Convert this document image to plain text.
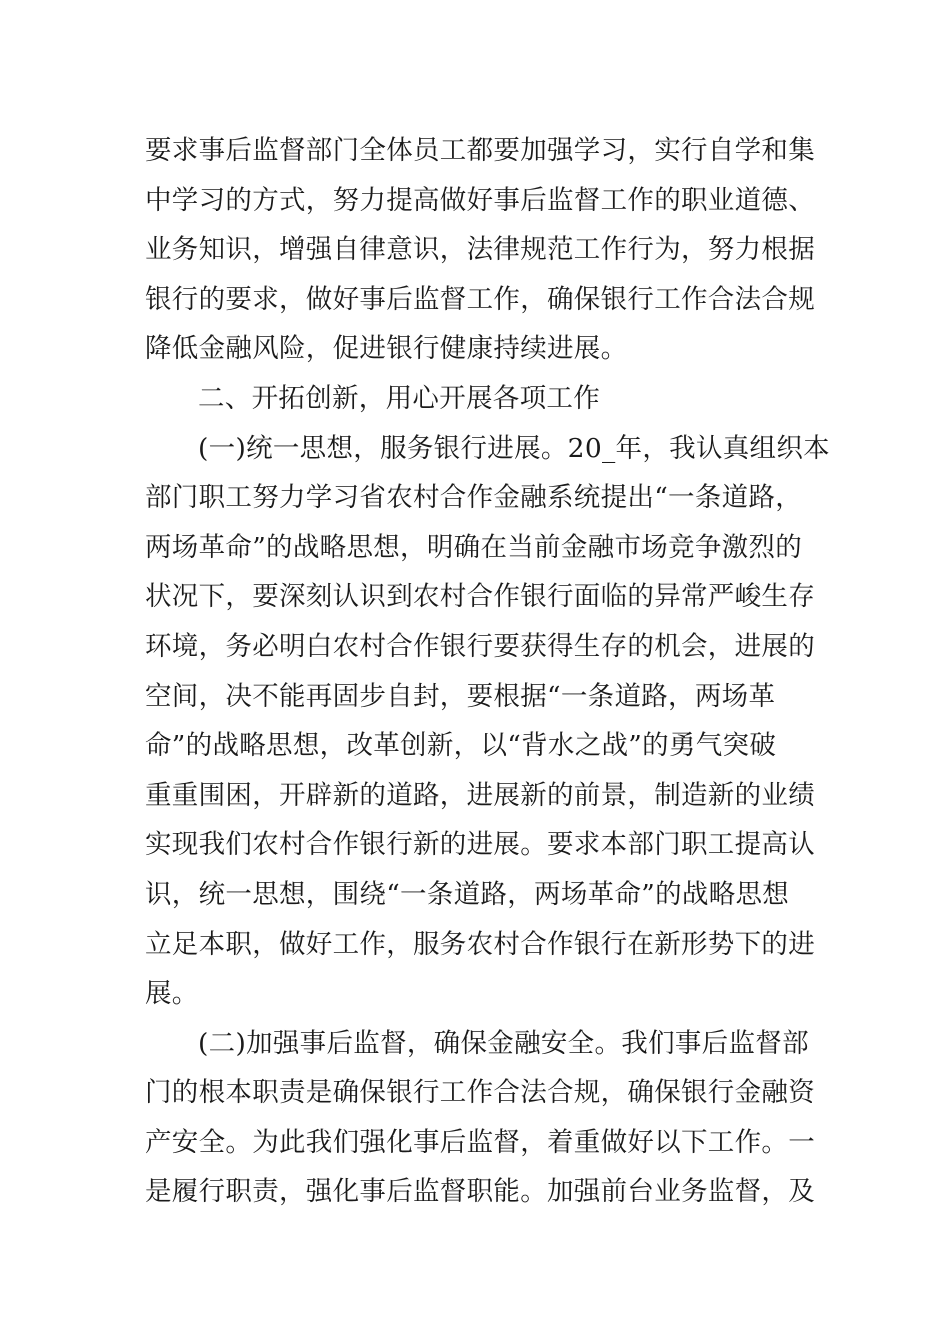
要求事后监督部门全体员工都要加强学习，实行自学和集
中学习的方式，努力提高做好事后监督工作的职业道德、
业务知识，增强自律意识，法律规范工作行为，努力根据
银行的要求，做好事后监督工作，确保银行工作合法合规
降低金融风险，促进银行健康持续进展。

二、开拓创新，用心开展各项工作

(一)统一思想，服务银行进展。20_年，我认真组织本
部门职工努力学习省农村合作金融系统提出“一条道路，
两场革命”的战略思想，明确在当前金融市场竞争激烈的
状况下，要深刻认识到农村合作银行面临的异常严峻生存
环境，务必明白农村合作银行要获得生存的机会，进展的
空间，决不能再固步自封，要根据“一条道路，两场革
命”的战略思想，改革创新，以“背水之战”的勇气突破
重重围困，开辟新的道路，进展新的前景，制造新的业绩
实现我们农村合作银行新的进展。要求本部门职工提高认
识，统一思想，围绕“一条道路，两场革命”的战略思想
立足本职，做好工作，服务农村合作银行在新形势下的进
展。

(二)加强事后监督，确保金融安全。我们事后监督部
门的根本职责是确保银行工作合法合规，确保银行金融资
产安全。为此我们强化事后监督，着重做好以下工作。一
是履行职责，强化事后监督职能。加强前台业务监督，及
